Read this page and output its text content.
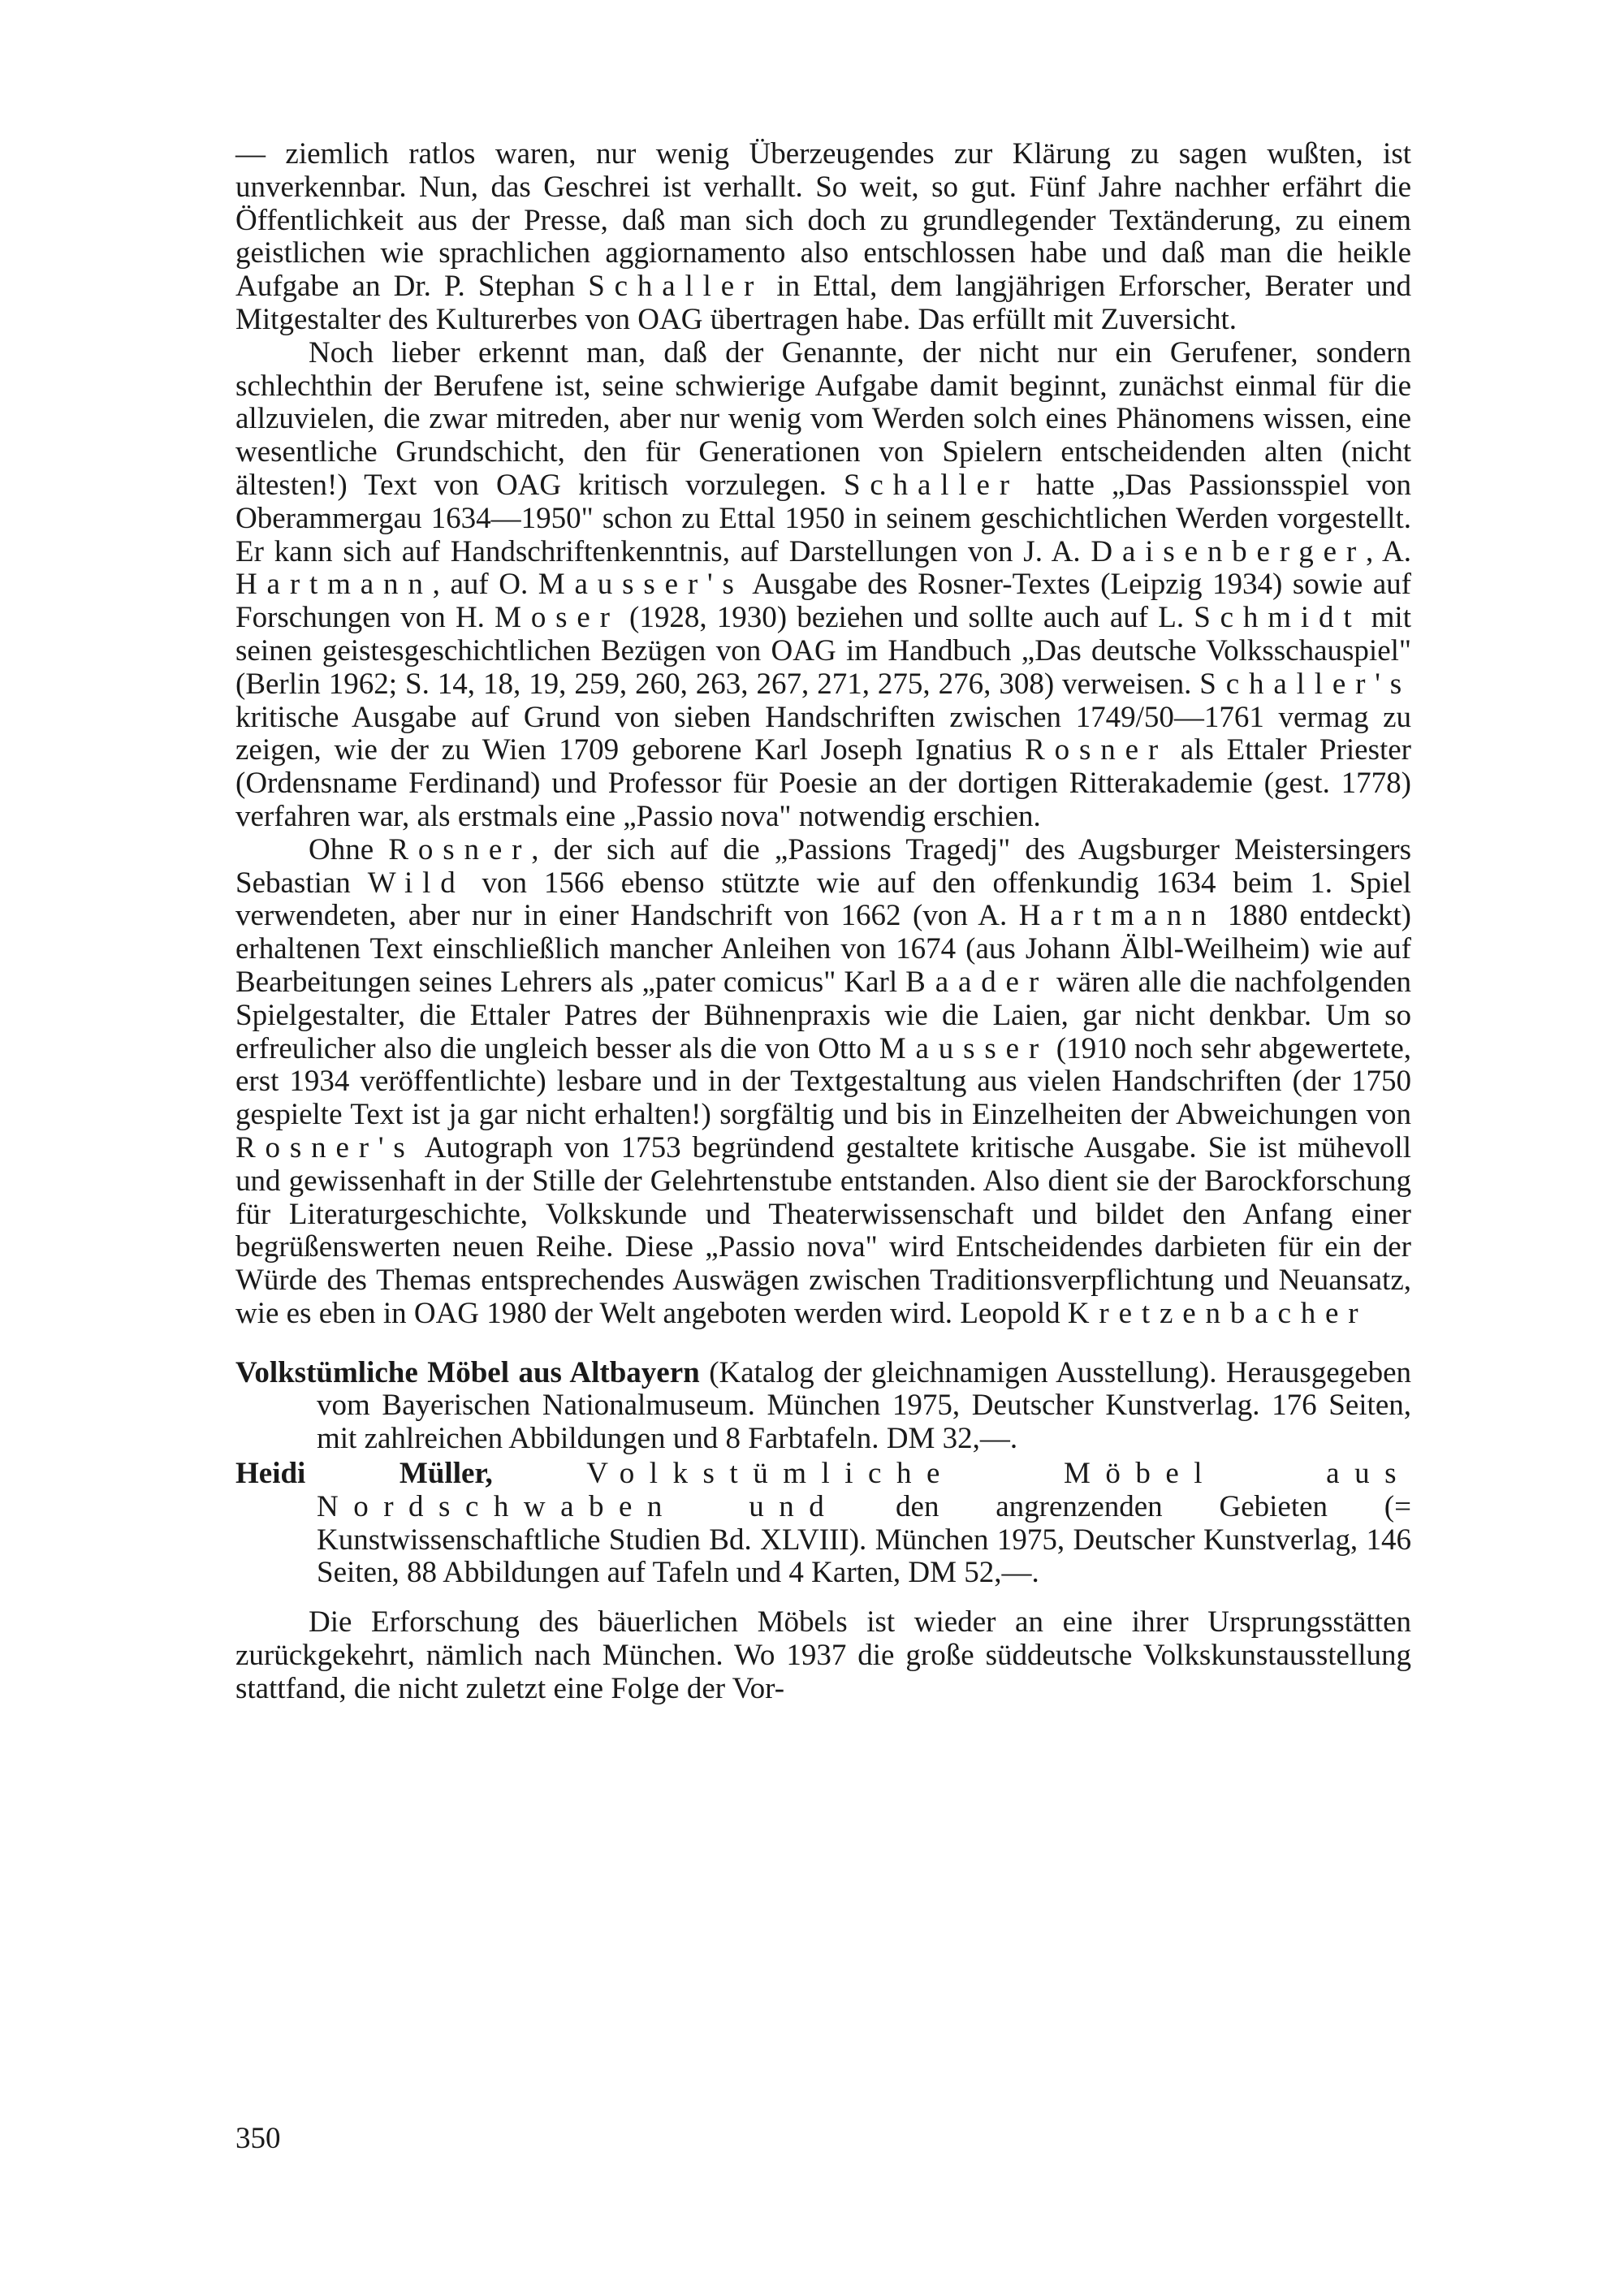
— ziemlich ratlos waren, nur wenig Überzeugendes zur Klärung zu sagen wußten, ist unverkennbar. Nun, das Geschrei ist verhallt. So weit, so gut. Fünf Jahre nachher erfährt die Öffentlichkeit aus der Presse, daß man sich doch zu grundlegender Textänderung, zu einem geistlichen wie sprachlichen aggiornamento also entschlossen habe und daß man die heikle Aufgabe an Dr. P. Stephan Schaller in Ettal, dem langjährigen Erforscher, Berater und Mitgestalter des Kulturerbes von OAG übertragen habe. Das erfüllt mit Zuversicht.

Noch lieber erkennt man, daß der Genannte, der nicht nur ein Gerufener, sondern schlechthin der Berufene ist, seine schwierige Aufgabe damit beginnt, zunächst einmal für die allzuvielen, die zwar mitreden, aber nur wenig vom Werden solch eines Phänomens wissen, eine wesentliche Grundschicht, den für Generationen von Spielern entscheidenden alten (nicht ältesten!) Text von OAG kritisch vorzulegen. Schaller hatte „Das Passionsspiel von Oberammergau 1634—1950" schon zu Ettal 1950 in seinem geschichtlichen Werden vorgestellt. Er kann sich auf Handschriftenkenntnis, auf Darstellungen von J. A. Daisenberger, A. Hartmann, auf O. Mausser's Ausgabe des Rosner-Textes (Leipzig 1934) sowie auf Forschungen von H. Moser (1928, 1930) beziehen und sollte auch auf L. Schmidt mit seinen geistesgeschichtlichen Bezügen von OAG im Handbuch „Das deutsche Volksschauspiel" (Berlin 1962; S. 14, 18, 19, 259, 260, 263, 267, 271, 275, 276, 308) verweisen. Schaller's kritische Ausgabe auf Grund von sieben Handschriften zwischen 1749/50—1761 vermag zu zeigen, wie der zu Wien 1709 geborene Karl Joseph Ignatius Rosner als Ettaler Priester (Ordensname Ferdinand) und Professor für Poesie an der dortigen Ritterakademie (gest. 1778) verfahren war, als erstmals eine „Passio nova" notwendig erschien.

Ohne Rosner, der sich auf die „Passions Tragedj" des Augsburger Meistersingers Sebastian Wild von 1566 ebenso stützte wie auf den offenkundig 1634 beim 1. Spiel verwendeten, aber nur in einer Handschrift von 1662 (von A. Hartmann 1880 entdeckt) erhaltenen Text einschließlich mancher Anleihen von 1674 (aus Johann Älbl-Weilheim) wie auf Bearbeitungen seines Lehrers als „pater comicus" Karl Baader wären alle die nachfolgenden Spielgestalter, die Ettaler Patres der Bühnenpraxis wie die Laien, gar nicht denkbar. Um so erfreulicher also die ungleich besser als die von Otto Mausser (1910 noch sehr abgewertete, erst 1934 veröffentlichte) lesbare und in der Textgestaltung aus vielen Handschriften (der 1750 gespielte Text ist ja gar nicht erhalten!) sorgfältig und bis in Einzelheiten der Abweichungen von Rosner's Autograph von 1753 begründend gestaltete kritische Ausgabe. Sie ist mühevoll und gewissenhaft in der Stille der Gelehrtenstube entstanden. Also dient sie der Barockforschung für Literaturgeschichte, Volkskunde und Theaterwissenschaft und bildet den Anfang einer begrüßenswerten neuen Reihe. Diese „Passio nova" wird Entscheidendes darbieten für ein der Würde des Themas entsprechendes Auswägen zwischen Traditionsverpflichtung und Neuansatz, wie es eben in OAG 1980 der Welt angeboten werden wird. Leopold Kretzenbacher

Volkstümliche Möbel aus Altbayern (Katalog der gleichnamigen Ausstellung). Herausgegeben vom Bayerischen Nationalmuseum. München 1975, Deutscher Kunstverlag. 176 Seiten, mit zahlreichen Abbildungen und 8 Farbtafeln. DM 32,—.

Heidi Müller,	Volkstümliche Möbel aus Nordschwaben und den angrenzenden Gebieten (= Kunstwissenschaftliche Studien Bd. XLVIII). München 1975, Deutscher Kunstverlag, 146 Seiten, 88 Abbildungen auf Tafeln und 4 Karten, DM 52,—.

Die Erforschung des bäuerlichen Möbels ist wieder an eine ihrer Ursprungsstätten zurückgekehrt, nämlich nach München. Wo 1937 die große süddeutsche Volkskunstausstellung stattfand, die nicht zuletzt eine Folge der Vor-

350
